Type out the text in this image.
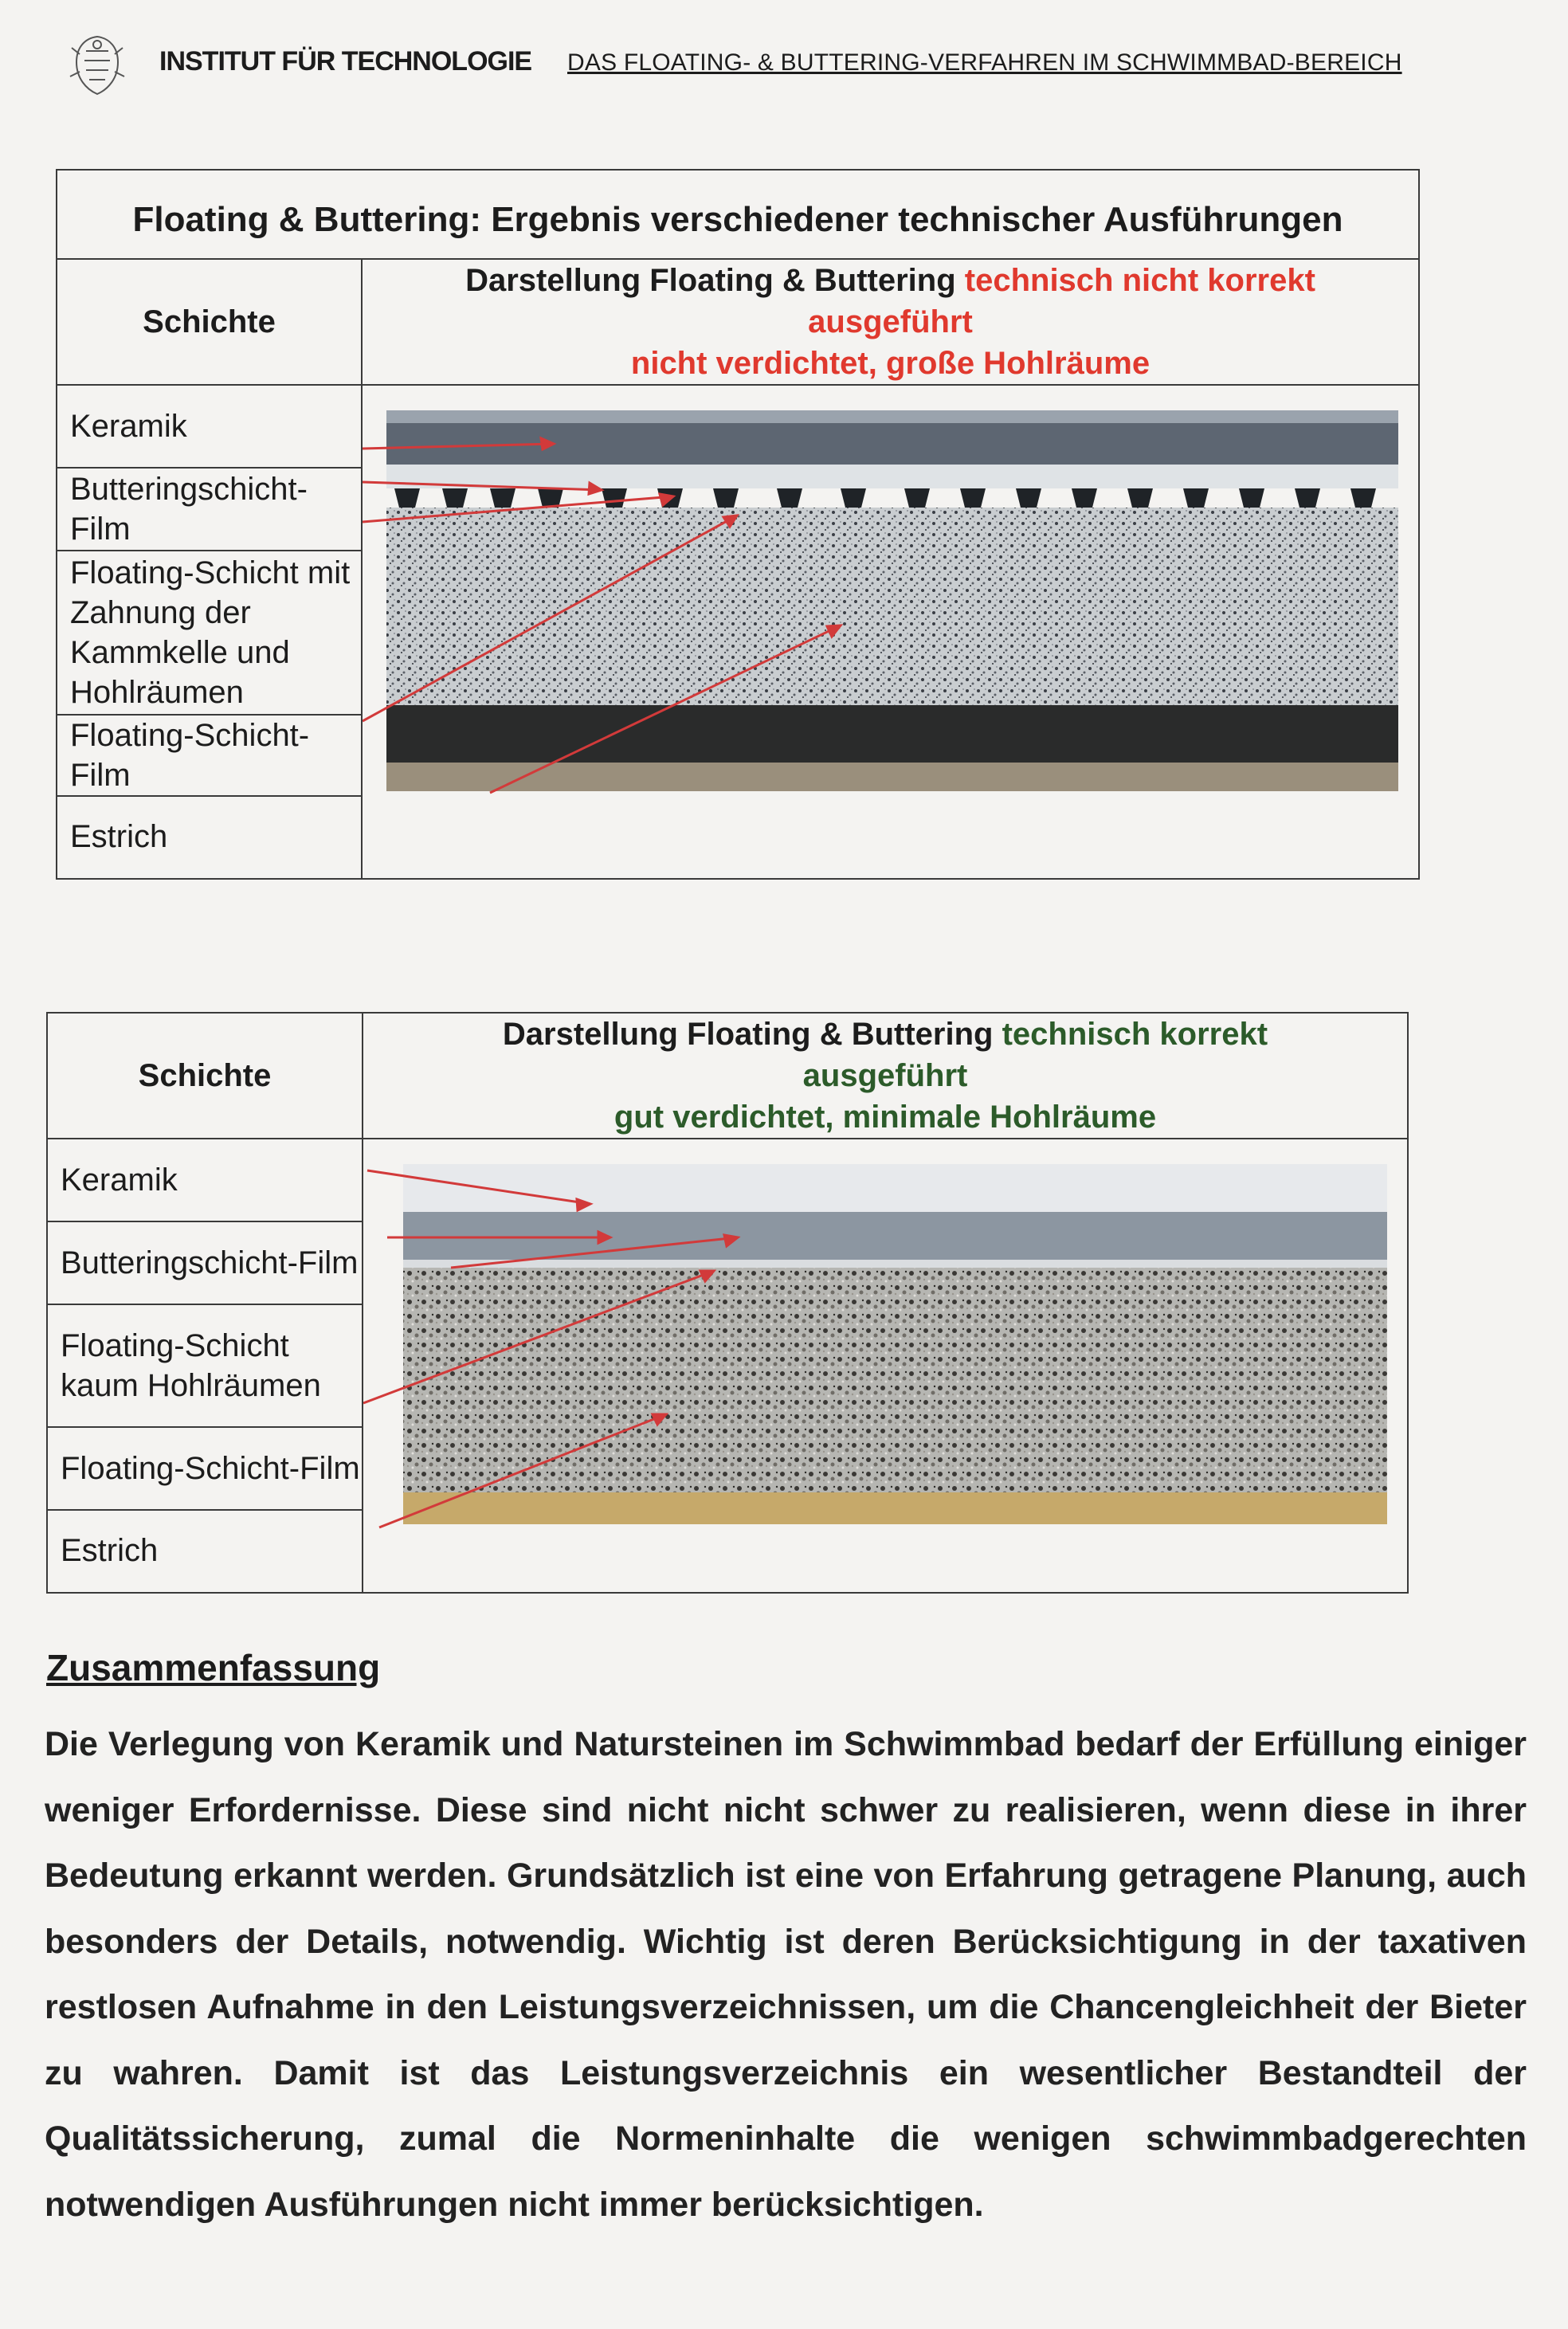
INSTITUT FÜR TECHNOLOGIE DAS FLOATING- & BUTTERING-VERFAHREN IM SCHWIMMBAD-BEREICH
Floating & Buttering: Ergebnis verschiedener technischer Ausführungen	
Schichte	Darstellung Floating & Buttering technisch nicht korrekt
ausgeführt
nicht verdichtet, große Hohlräume

Keramik
Butteringschicht-Film
Floating-Schicht mit Zahnung der Kammkelle und Hohlräumen
Floating-Schicht-Film
Estrich

Schichte	Darstellung Floating & Buttering technisch korrekt
ausgeführt
gut verdichtet, minimale Hohlräume

Keramik
Butteringschicht-Film
Floating-Schicht kaum Hohlräumen
Floating-Schicht-Film
Estrich

Zusammenfassung
Die Verlegung von Keramik und Natursteinen im Schwimmbad bedarf der Erfüllung einiger weniger Erfordernisse. Diese sind nicht nicht schwer zu realisieren, wenn diese in ihrer Bedeutung erkannt werden. Grundsätzlich ist eine von Erfahrung getragene Planung, auch besonders der Details, notwendig. Wichtig ist deren Berücksichtigung in der taxativen restlosen Aufnahme in den Leistungsverzeichnissen, um die Chancengleichheit der Bieter zu wahren. Damit ist das Leistungsverzeichnis ein wesentlicher Bestandteil der Qualitätssicherung, zumal die Normeninhalte die wenigen schwimmbadgerechten notwendigen Ausführungen nicht immer berücksichtigen.
